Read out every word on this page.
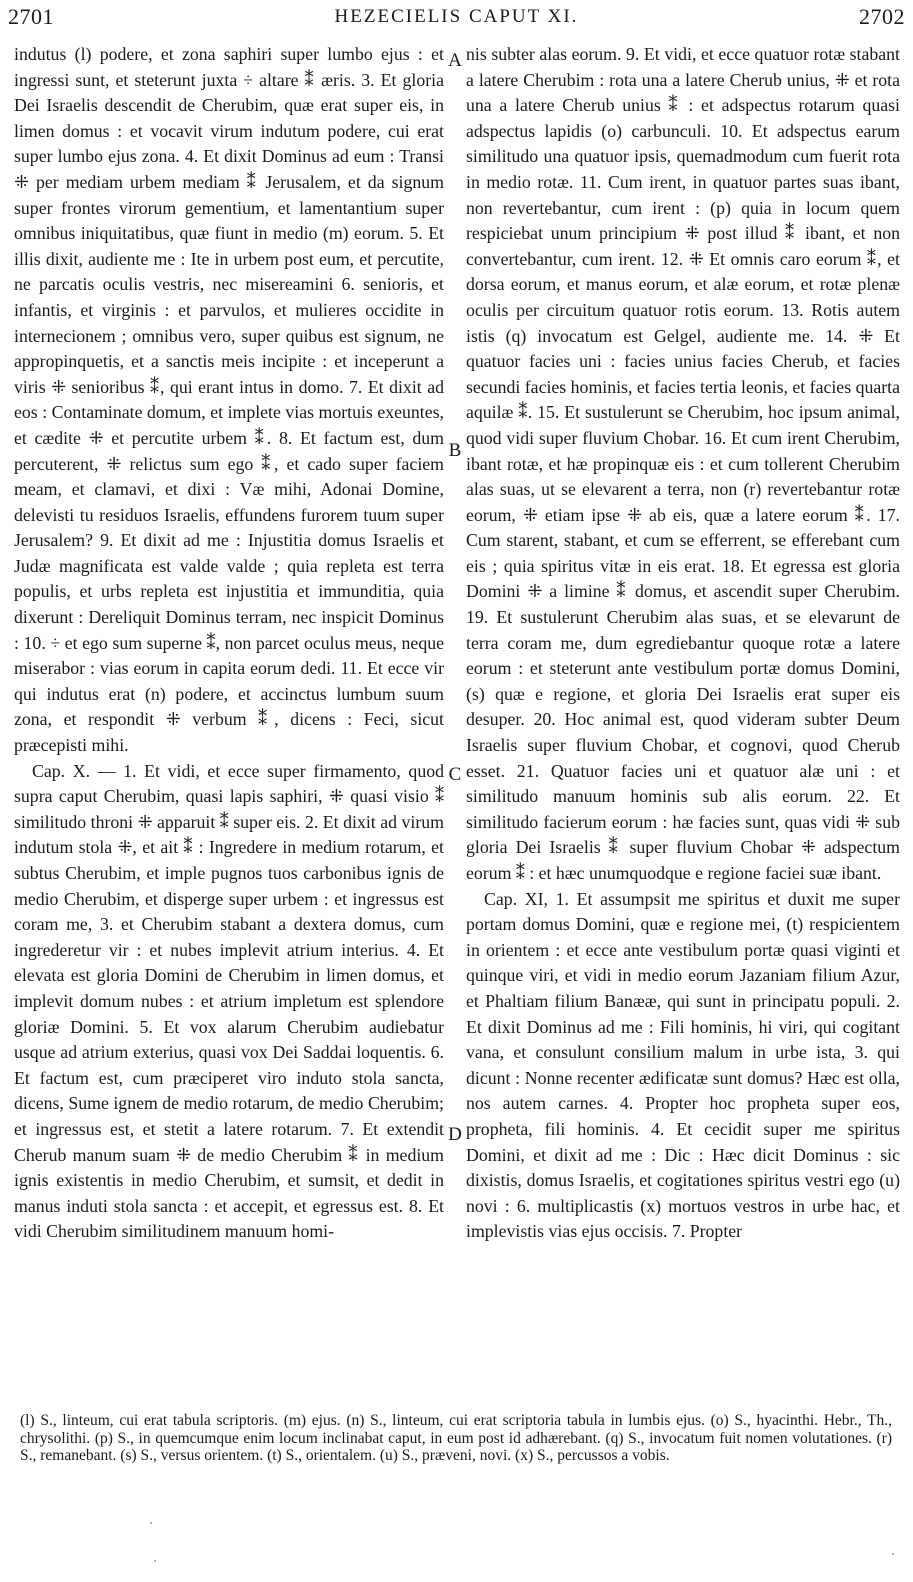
2701	HEZECIELIS CAPUT XI.	2702

indutus (l) podere, et zona saphiri super lumbo ejus : et ingressi sunt, et steterunt juxta ÷ altare ⁑ æris. 3. Et gloria Dei Israelis descendit de Cherubim, quæ erat super eis, in limen domus : et vocavit virum indutum podere, cui erat super lumbo ejus zona. 4. Et dixit Dominus ad eum : Transi ⁜ per mediam urbem mediam ⁑ Jerusalem, et da signum super frontes virorum gementium, et lamentantium super omnibus iniquitatibus, quæ fiunt in medio (m) eorum. 5. Et illis dixit, audiente me : Ite in urbem post eum, et percutite, ne parcatis oculis vestris, nec misereamini 6. senioris, et infantis, et virginis : et parvulos, et mulieres occidite in internecionem ; omnibus vero, super quibus est signum, ne appropinquetis, et a sanctis meis incipite : et inceperunt a viris ⁜ senioribus ⁑, qui erant intus in domo. 7. Et dixit ad eos : Contaminate domum, et implete vias mortuis exeuntes, et cædite ⁜ et percutite urbem ⁑. 8. Et factum est, dum percuterent, ⁜ relictus sum ego ⁑, et cado super faciem meam, et clamavi, et dixi : Væ mihi, Adonai Domine, delevisti tu residuos Israelis, effundens furorem tuum super Jerusalem? 9. Et dixit ad me : Injustitia domus Israelis et Judæ magnificata est valde valde ; quia repleta est terra populis, et urbs repleta est injustitia et immunditia, quia dixerunt : Dereliquit Dominus terram, nec inspicit Dominus : 10. ÷ et ego sum superne ⁑, non parcet oculus meus, neque miserabor : vias eorum in capita eorum dedi. 11. Et ecce vir qui indutus erat (n) podere, et accinctus lumbum suum zona, et respondit ⁜ verbum ⁑, dicens : Feci, sicut præcepisti mihi.

Cap. X. — 1. Et vidi, et ecce super firmamento, quod supra caput Cherubim, quasi lapis saphiri, ⁜ quasi visio ⁑ similitudo throni ⁜ apparuit ⁑ super eis. 2. Et dixit ad virum indutum stola ⁜, et ait ⁑ : Ingredere in medium rotarum, et subtus Cherubim, et imple pugnos tuos carbonibus ignis de medio Cherubim, et disperge super urbem : et ingressus est coram me, 3. et Cherubim stabant a dextera domus, cum ingrederetur vir : et nubes implevit atrium interius. 4. Et elevata est gloria Domini de Cherubim in limen domus, et implevit domum nubes : et atrium impletum est splendore gloriæ Domini. 5. Et vox alarum Cherubim audiebatur usque ad atrium exterius, quasi vox Dei Saddai loquentis. 6. Et factum est, cum præciperet viro induto stola sancta, dicens, Sume ignem de medio rotarum, de medio Cherubim; et ingressus est, et stetit a latere rotarum. 7. Et extendit Cherub manum suam ⁜ de medio Cherubim ⁑ in medium ignis existentis in medio Cherubim, et sumsit, et dedit in manus induti stola sancta : et accepit, et egressus est. 8. Et vidi Cherubim similitudinem manuum homi-

A
B
C
D

nis subter alas eorum. 9. Et vidi, et ecce quatuor rotæ stabant a latere Cherubim : rota una a latere Cherub unius, ⁜ et rota una a latere Cherub unius ⁑ : et adspectus rotarum quasi adspectus lapidis (o) carbunculi. 10. Et adspectus earum similitudo una quatuor ipsis, quemadmodum cum fuerit rota in medio rotæ. 11. Cum irent, in quatuor partes suas ibant, non revertebantur, cum irent : (p) quia in locum quem respiciebat unum principium ⁜ post illud ⁑ ibant, et non convertebantur, cum irent. 12. ⁜ Et omnis caro eorum ⁑, et dorsa eorum, et manus eorum, et alæ eorum, et rotæ plenæ oculis per circuitum quatuor rotis eorum. 13. Rotis autem istis (q) invocatum est Gelgel, audiente me. 14. ⁜ Et quatuor facies uni : facies unius facies Cherub, et facies secundi facies hominis, et facies tertia leonis, et facies quarta aquilæ ⁑. 15. Et sustulerunt se Cherubim, hoc ipsum animal, quod vidi super fluvium Chobar. 16. Et cum irent Cherubim, ibant rotæ, et hæ propinquæ eis : et cum tollerent Cherubim alas suas, ut se elevarent a terra, non (r) revertebantur rotæ eorum, ⁜ etiam ipse ⁜ ab eis, quæ a latere eorum ⁑. 17. Cum starent, stabant, et cum se efferrent, se efferebant cum eis ; quia spiritus vitæ in eis erat. 18. Et egressa est gloria Domini ⁜ a limine ⁑ domus, et ascendit super Cherubim. 19. Et sustulerunt Cherubim alas suas, et se elevarunt de terra coram me, dum egrediebantur quoque rotæ a latere eorum : et steterunt ante vestibulum portæ domus Domini, (s) quæ e regione, et gloria Dei Israelis erat super eis desuper. 20. Hoc animal est, quod videram subter Deum Israelis super fluvium Chobar, et cognovi, quod Cherub esset. 21. Quatuor facies uni et quatuor alæ uni : et similitudo manuum hominis sub alis eorum. 22. Et similitudo facierum eorum : hæ facies sunt, quas vidi ⁜ sub gloria Dei Israelis ⁑ super fluvium Chobar ⁜ adspectum eorum ⁑ : et hæc unumquodque e regione faciei suæ ibant.

Cap. XI, 1. Et assumpsit me spiritus et duxit me super portam domus Domini, quæ e regione mei, (t) respicientem in orientem : et ecce ante vestibulum portæ quasi viginti et quinque viri, et vidi in medio eorum Jazaniam filium Azur, et Phaltiam filium Banææ, qui sunt in principatu populi. 2. Et dixit Dominus ad me : Fili hominis, hi viri, qui cogitant vana, et consulunt consilium malum in urbe ista, 3. qui dicunt : Nonne recenter ædificatæ sunt domus? Hæc est olla, nos autem carnes. 4. Propter hoc propheta super eos, propheta, fili hominis. 4. Et cecidit super me spiritus Domini, et dixit ad me : Dic : Hæc dicit Dominus : sic dixistis, domus Israelis, et cogitationes spiritus vestri ego (u) novi : 6. multiplicastis (x) mortuos vestros in urbe hac, et implevistis vias ejus occisis. 7. Propter

(l) S., linteum, cui erat tabula scriptoris. (m) ejus. (n) S., linteum, cui erat scriptoria tabula in lumbis ejus. (o) S., hyacinthi. Hebr., Th., chrysolithi. (p) S., in quemcumque enim locum inclinabat caput, in eum post id adhærebant. (q) S., invocatum fuit nomen volutationes. (r) S., remanebant. (s) S., versus orientem. (t) S., orientalem. (u) S., præveni, novi. (x) S., percussos a vobis.
